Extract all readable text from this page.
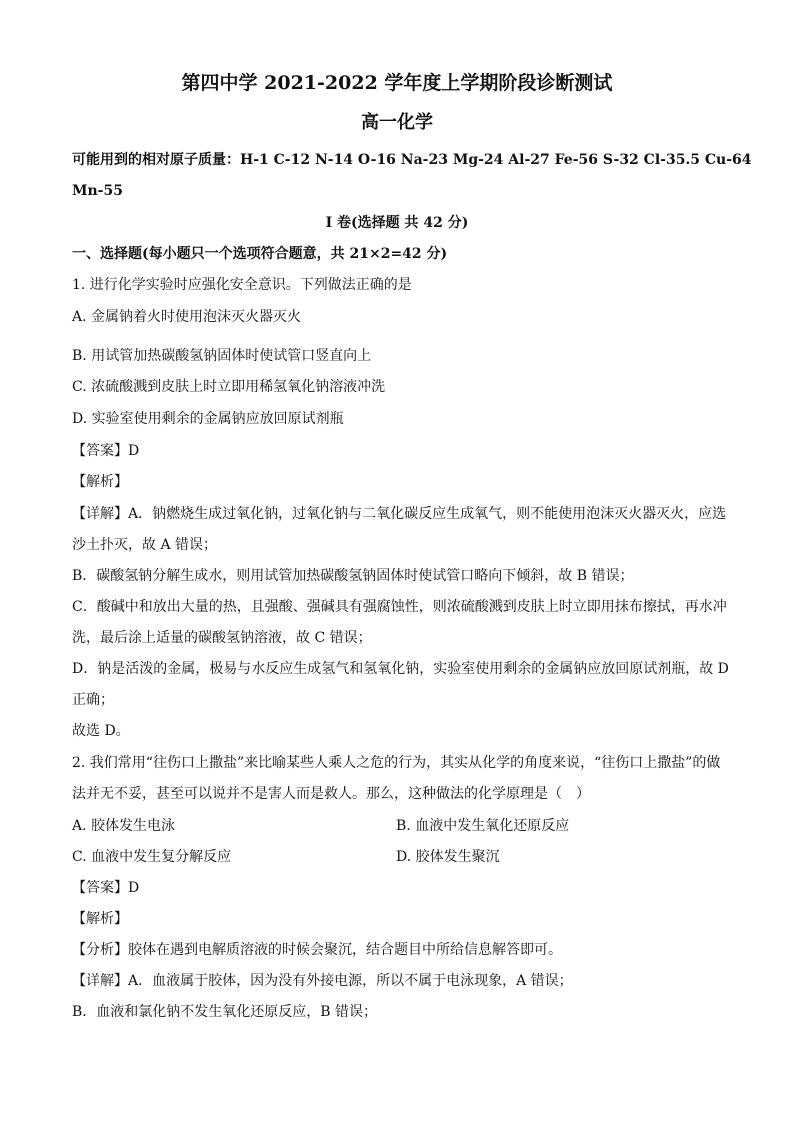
第四中学 2021-2022 学年度上学期阶段诊断测试
高一化学
可能用到的相对原子质量：H-1 C-12 N-14 O-16 Na-23 Mg-24 Al-27 Fe-56 S-32 Cl-35.5 Cu-64
Mn-55
I 卷(选择题 共 42 分)
一、选择题(每小题只一个选项符合题意，共 21×2=42 分)
1. 进行化学实验时应强化安全意识。下列做法正确的是
A. 金属钠着火时使用泡沫灭火器灭火
B. 用试管加热碳酸氢钠固体时使试管口竖直向上
C. 浓硫酸溅到皮肤上时立即用稀氢氧化钠溶液冲洗
D. 实验室使用剩余的金属钠应放回原试剂瓶
【答案】D
【解析】
【详解】A．钠燃烧生成过氧化钠，过氧化钠与二氧化碳反应生成氧气，则不能使用泡沫灭火器灭火，应选
沙土扑灭，故 A 错误；
B．碳酸氢钠分解生成水，则用试管加热碳酸氢钠固体时使试管口略向下倾斜，故 B 错误；
C．酸碱中和放出大量的热，且强酸、强碱具有强腐蚀性，则浓硫酸溅到皮肤上时立即用抹布擦拭，再水冲
洗，最后涂上适量的碳酸氢钠溶液，故 C 错误；
D．钠是活泼的金属，极易与水反应生成氢气和氢氧化钠，实验室使用剩余的金属钠应放回原试剂瓶，故 D
正确；
故选 D。
2. 我们常用“往伤口上撒盐”来比喻某些人乘人之危的行为，其实从化学的角度来说，“往伤口上撒盐”的做
法并无不妥，甚至可以说并不是害人而是救人。那么，这种做法的化学原理是（　）
A. 胶体发生电泳	B. 血液中发生氧化还原反应
C. 血液中发生复分解反应	D. 胶体发生聚沉
【答案】D
【解析】
【分析】胶体在遇到电解质溶液的时候会聚沉，结合题目中所给信息解答即可。
【详解】A．血液属于胶体，因为没有外接电源，所以不属于电泳现象，A 错误；
B．血液和氯化钠不发生氧化还原反应，B 错误；
